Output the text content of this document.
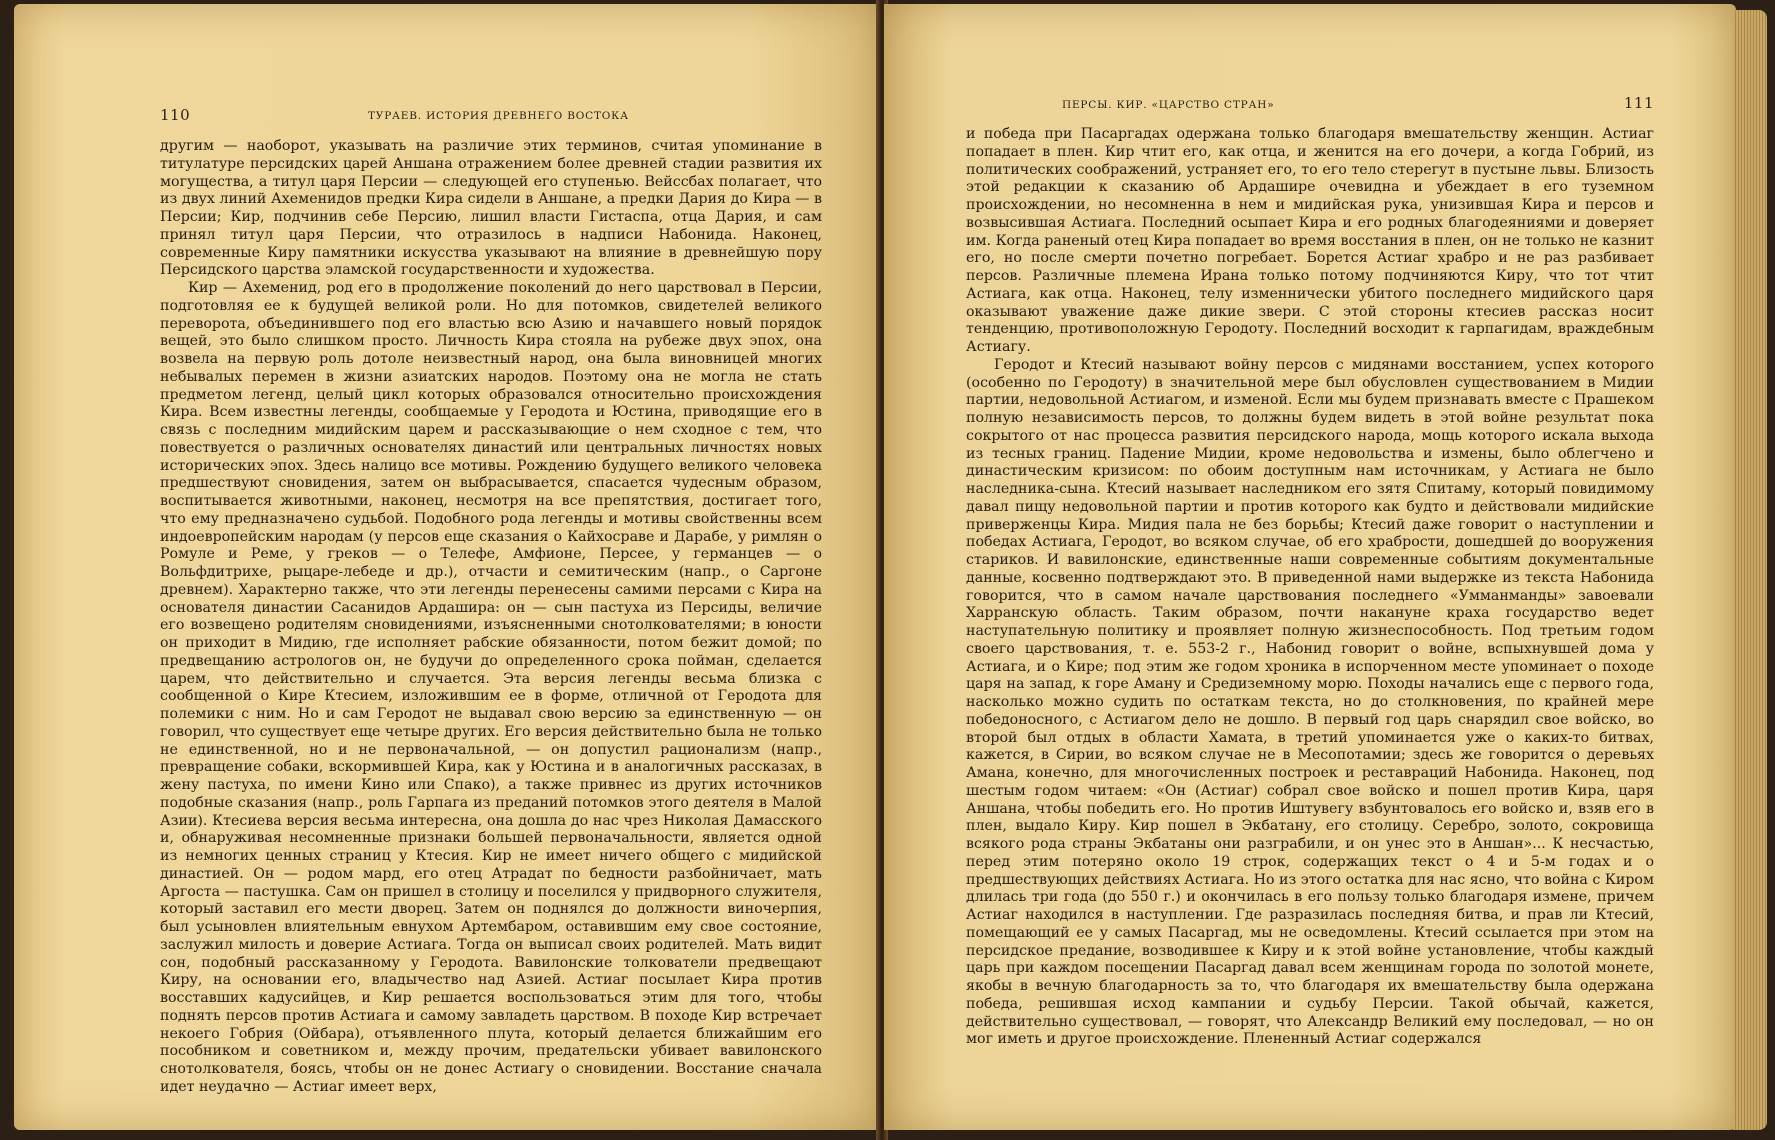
110	ТУРАЕВ. ИСТОРИЯ ДРЕВНЕГО ВОСТОКА

другим — наоборот, указывать на различие этих терминов, считая упоминание в титулатуре персидских царей Аншана отражением более древней стадии развития их могущества, а титул царя Персии — следующей его ступенью. Вейссбах полагает, что из двух линий Ахеменидов предки Кира сидели в Аншане, а предки Дария до Кира — в Персии; Кир, подчинив себе Персию, лишил власти Гистаспа, отца Дария, и сам принял титул царя Персии, что отразилось в надписи Набонида. Наконец, современные Киру памятники искусства указывают на влияние в древнейшую пору Персидского царства эламской государственности и художества.

Кир — Ахеменид, род его в продолжение поколений до него царствовал в Персии, подготовляя ее к будущей великой роли. Но для потомков, свидетелей великого переворота, объединившего под его властью всю Азию и начавшего новый порядок вещей, это было слишком просто. Личность Кира стояла на рубеже двух эпох, она возвела на первую роль дотоле неизвестный народ, она была виновницей многих небывалых перемен в жизни азиатских народов. Поэтому она не могла не стать предметом легенд, целый цикл которых образовался относительно происхождения Кира. Всем известны легенды, сообщаемые у Геродота и Юстина, приводящие его в связь с последним мидийским царем и рассказывающие о нем сходное с тем, что повествуется о различных основателях династий или центральных личностях новых исторических эпох. Здесь налицо все мотивы. Рождению будущего великого человека предшествуют сновидения, затем он выбрасывается, спасается чудесным образом, воспитывается животными, наконец, несмотря на все препятствия, достигает того, что ему предназначено судьбой. Подобного рода легенды и мотивы свойственны всем индоевропейским народам (у персов еще сказания о Кайхосраве и Дарабе, у римлян о Ромуле и Реме, у греков — о Телефе, Амфионе, Персее, у германцев — о Вольфдитрихе, рыцаре-лебеде и др.), отчасти и семитическим (напр., о Саргоне древнем). Характерно также, что эти легенды перенесены самими персами с Кира на основателя династии Сасанидов Ардашира: он — сын пастуха из Персиды, величие его возвещено родителям сновидениями, изъясненными снотолкователями; в юности он приходит в Мидию, где исполняет рабские обязанности, потом бежит домой; по предвещанию астрологов он, не будучи до определенного срока пойман, сделается царем, что действительно и случается. Эта версия легенды весьма близка с сообщенной о Кире Ктесием, изложившим ее в форме, отличной от Геродота для полемики с ним. Но и сам Геродот не выдавал свою версию за единственную — он говорил, что существует еще четыре других. Его версия действительно была не только не единственной, но и не первоначальной, — он допустил рационализм (напр., превращение собаки, вскормившей Кира, как у Юстина и в аналогичных рассказах, в жену пастуха, по имени Кино или Спако), а также привнес из других источников подобные сказания (напр., роль Гарпага из преданий потомков этого деятеля в Малой Азии). Ктесиева версия весьма интересна, она дошла до нас чрез Николая Дамасского и, обнаруживая несомненные признаки большей первоначальности, является одной из немногих ценных страниц у Ктесия. Кир не имеет ничего общего с мидийской династией. Он — родом мард, его отец Атрадат по бедности разбойничает, мать Аргоста — пастушка. Сам он пришел в столицу и поселился у придворного служителя, который заставил его мести дворец. Затем он поднялся до должности виночерпия, был усыновлен влиятельным евнухом Артембаром, оставившим ему свое состояние, заслужил милость и доверие Астиага. Тогда он выписал своих родителей. Мать видит сон, подобный рассказанному у Геродота. Вавилонские толкователи предвещают Киру, на основании его, владычество над Азией. Астиаг посылает Кира против восставших кадусийцев, и Кир решается воспользоваться этим для того, чтобы поднять персов против Астиага и самому завладеть царством. В походе Кир встречает некоего Гобрия (Ойбара), отъявленного плута, который делается ближайшим его пособником и советником и, между прочим, предательски убивает вавилонского снотолкователя, боясь, чтобы он не донес Астиагу о сновидении. Восстание сначала идет неудачно — Астиаг имеет верх,

ПЕРСЫ. КИР. «ЦАРСТВО СТРАН»	111

и победа при Пасаргадах одержана только благодаря вмешательству женщин. Астиаг попадает в плен. Кир чтит его, как отца, и женится на его дочери, а когда Гобрий, из политических соображений, устраняет его, то его тело стерегут в пустыне львы. Близость этой редакции к сказанию об Ардашире очевидна и убеждает в его туземном происхождении, но несомненна в нем и мидийская рука, унизившая Кира и персов и возвысившая Астиага. Последний осыпает Кира и его родных благодеяниями и доверяет им. Когда раненый отец Кира попадает во время восстания в плен, он не только не казнит его, но после смерти почетно погребает. Борется Астиаг храбро и не раз разбивает персов. Различные племена Ирана только потому подчиняются Киру, что тот чтит Астиага, как отца. Наконец, телу изменнически убитого последнего мидийского царя оказывают уважение даже дикие звери. С этой стороны ктесиев рассказ носит тенденцию, противоположную Геродоту. Последний восходит к гарпагидам, враждебным Астиагу.

Геродот и Ктесий называют войну персов с мидянами восстанием, успех которого (особенно по Геродоту) в значительной мере был обусловлен существованием в Мидии партии, недовольной Астиагом, и изменой. Если мы будем признавать вместе с Прашеком полную независимость персов, то должны будем видеть в этой войне результат пока сокрытого от нас процесса развития персидского народа, мощь которого искала выхода из тесных границ. Падение Мидии, кроме недовольства и измены, было облегчено и династическим кризисом: по обоим доступным нам источникам, у Астиага не было наследника-сына. Ктесий называет наследником его зятя Спитаму, который повидимому давал пищу недовольной партии и против которого как будто и действовали мидийские приверженцы Кира. Мидия пала не без борьбы; Ктесий даже говорит о наступлении и победах Астиага, Геродот, во всяком случае, об его храбрости, дошедшей до вооружения стариков. И вавилонские, единственные наши современные событиям документальные данные, косвенно подтверждают это. В приведенной нами выдержке из текста Набонида говорится, что в самом начале царствования последнего «Умманманды» завоевали Харранскую область. Таким образом, почти накануне краха государство ведет наступательную политику и проявляет полную жизнеспособность. Под третьим годом своего царствования, т. е. 553-2 г., Набонид говорит о войне, вспыхнувшей дома у Астиага, и о Кире; под этим же годом хроника в испорченном месте упоминает о походе царя на запад, к горе Аману и Средиземному морю. Походы начались еще с первого года, насколько можно судить по остаткам текста, но до столкновения, по крайней мере победоносного, с Астиагом дело не дошло. В первый год царь снарядил свое войско, во второй был отдых в области Хамата, в третий упоминается уже о каких-то битвах, кажется, в Сирии, во всяком случае не в Месопотамии; здесь же говорится о деревьях Амана, конечно, для многочисленных построек и реставраций Набонида. Наконец, под шестым годом читаем: «Он (Астиаг) собрал свое войско и пошел против Кира, царя Аншана, чтобы победить его. Но против Иштувегу взбунтовалось его войско и, взяв его в плен, выдало Киру. Кир пошел в Экбатану, его столицу. Серебро, золото, сокровища всякого рода страны Экбатаны они разграбили, и он унес это в Аншан»... К несчастью, перед этим потеряно около 19 строк, содержащих текст о 4 и 5-м годах и о предшествующих действиях Астиага. Но из этого остатка для нас ясно, что война с Киром длилась три года (до 550 г.) и окончилась в его пользу только благодаря измене, причем Астиаг находился в наступлении. Где разразилась последняя битва, и прав ли Ктесий, помещающий ее у самых Пасаргад, мы не осведомлены. Ктесий ссылается при этом на персидское предание, возводившее к Киру и к этой войне установление, чтобы каждый царь при каждом посещении Пасаргад давал всем женщинам города по золотой монете, якобы в вечную благодарность за то, что благодаря их вмешательству была одержана победа, решившая исход кампании и судьбу Персии. Такой обычай, кажется, действительно существовал, — говорят, что Александр Великий ему последовал, — но он мог иметь и другое происхождение. Плененный Астиаг содержался
